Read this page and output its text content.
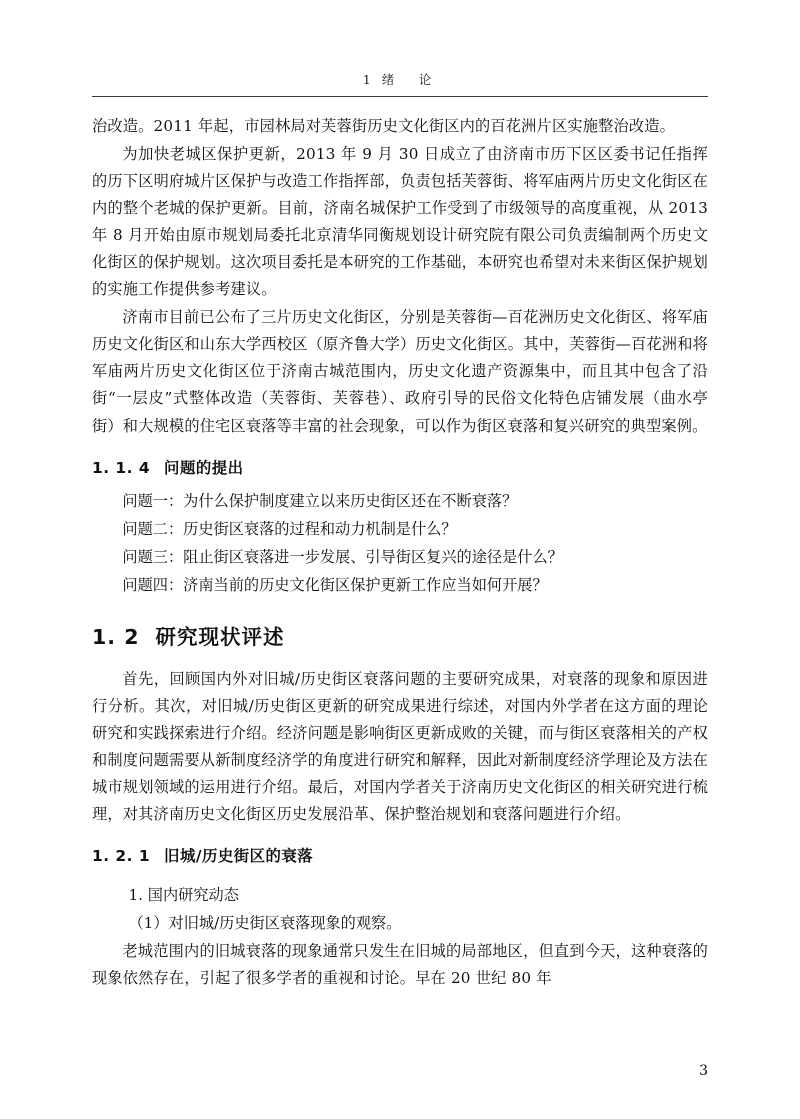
1 绪　论

治改造。2011 年起，市园林局对芙蓉街历史文化街区内的百花洲片区实施整治改造。

为加快老城区保护更新，2013 年 9 月 30 日成立了由济南市历下区区委书记任指挥的历下区明府城片区保护与改造工作指挥部，负责包括芙蓉街、将军庙两片历史文化街区在内的整个老城的保护更新。目前，济南名城保护工作受到了市级领导的高度重视，从 2013 年 8 月开始由原市规划局委托北京清华同衡规划设计研究院有限公司负责编制两个历史文化街区的保护规划。这次项目委托是本研究的工作基础，本研究也希望对未来街区保护规划的实施工作提供参考建议。

济南市目前已公布了三片历史文化街区，分别是芙蓉街—百花洲历史文化街区、将军庙历史文化街区和山东大学西校区（原齐鲁大学）历史文化街区。其中，芙蓉街—百花洲和将军庙两片历史文化街区位于济南古城范围内，历史文化遗产资源集中，而且其中包含了沿街“一层皮”式整体改造（芙蓉街、芙蓉巷）、政府引导的民俗文化特色店铺发展（曲水亭街）和大规模的住宅区衰落等丰富的社会现象，可以作为街区衰落和复兴研究的典型案例。

1. 1. 4 问题的提出

问题一：为什么保护制度建立以来历史街区还在不断衰落？

问题二：历史街区衰落的过程和动力机制是什么？

问题三：阻止街区衰落进一步发展、引导街区复兴的途径是什么？

问题四：济南当前的历史文化街区保护更新工作应当如何开展？

1. 2 研究现状评述

首先，回顾国内外对旧城/历史街区衰落问题的主要研究成果，对衰落的现象和原因进行分析。其次，对旧城/历史街区更新的研究成果进行综述，对国内外学者在这方面的理论研究和实践探索进行介绍。经济问题是影响街区更新成败的关键，而与街区衰落相关的产权和制度问题需要从新制度经济学的角度进行研究和解释，因此对新制度经济学理论及方法在城市规划领域的运用进行介绍。最后，对国内学者关于济南历史文化街区的相关研究进行梳理，对其济南历史文化街区历史发展沿革、保护整治规划和衰落问题进行介绍。

1. 2. 1 旧城/历史街区的衰落

1. 国内研究动态

（1）对旧城/历史街区衰落现象的观察。

老城范围内的旧城衰落的现象通常只发生在旧城的局部地区，但直到今天，这种衰落的现象依然存在，引起了很多学者的重视和讨论。早在 20 世纪 80 年

3
